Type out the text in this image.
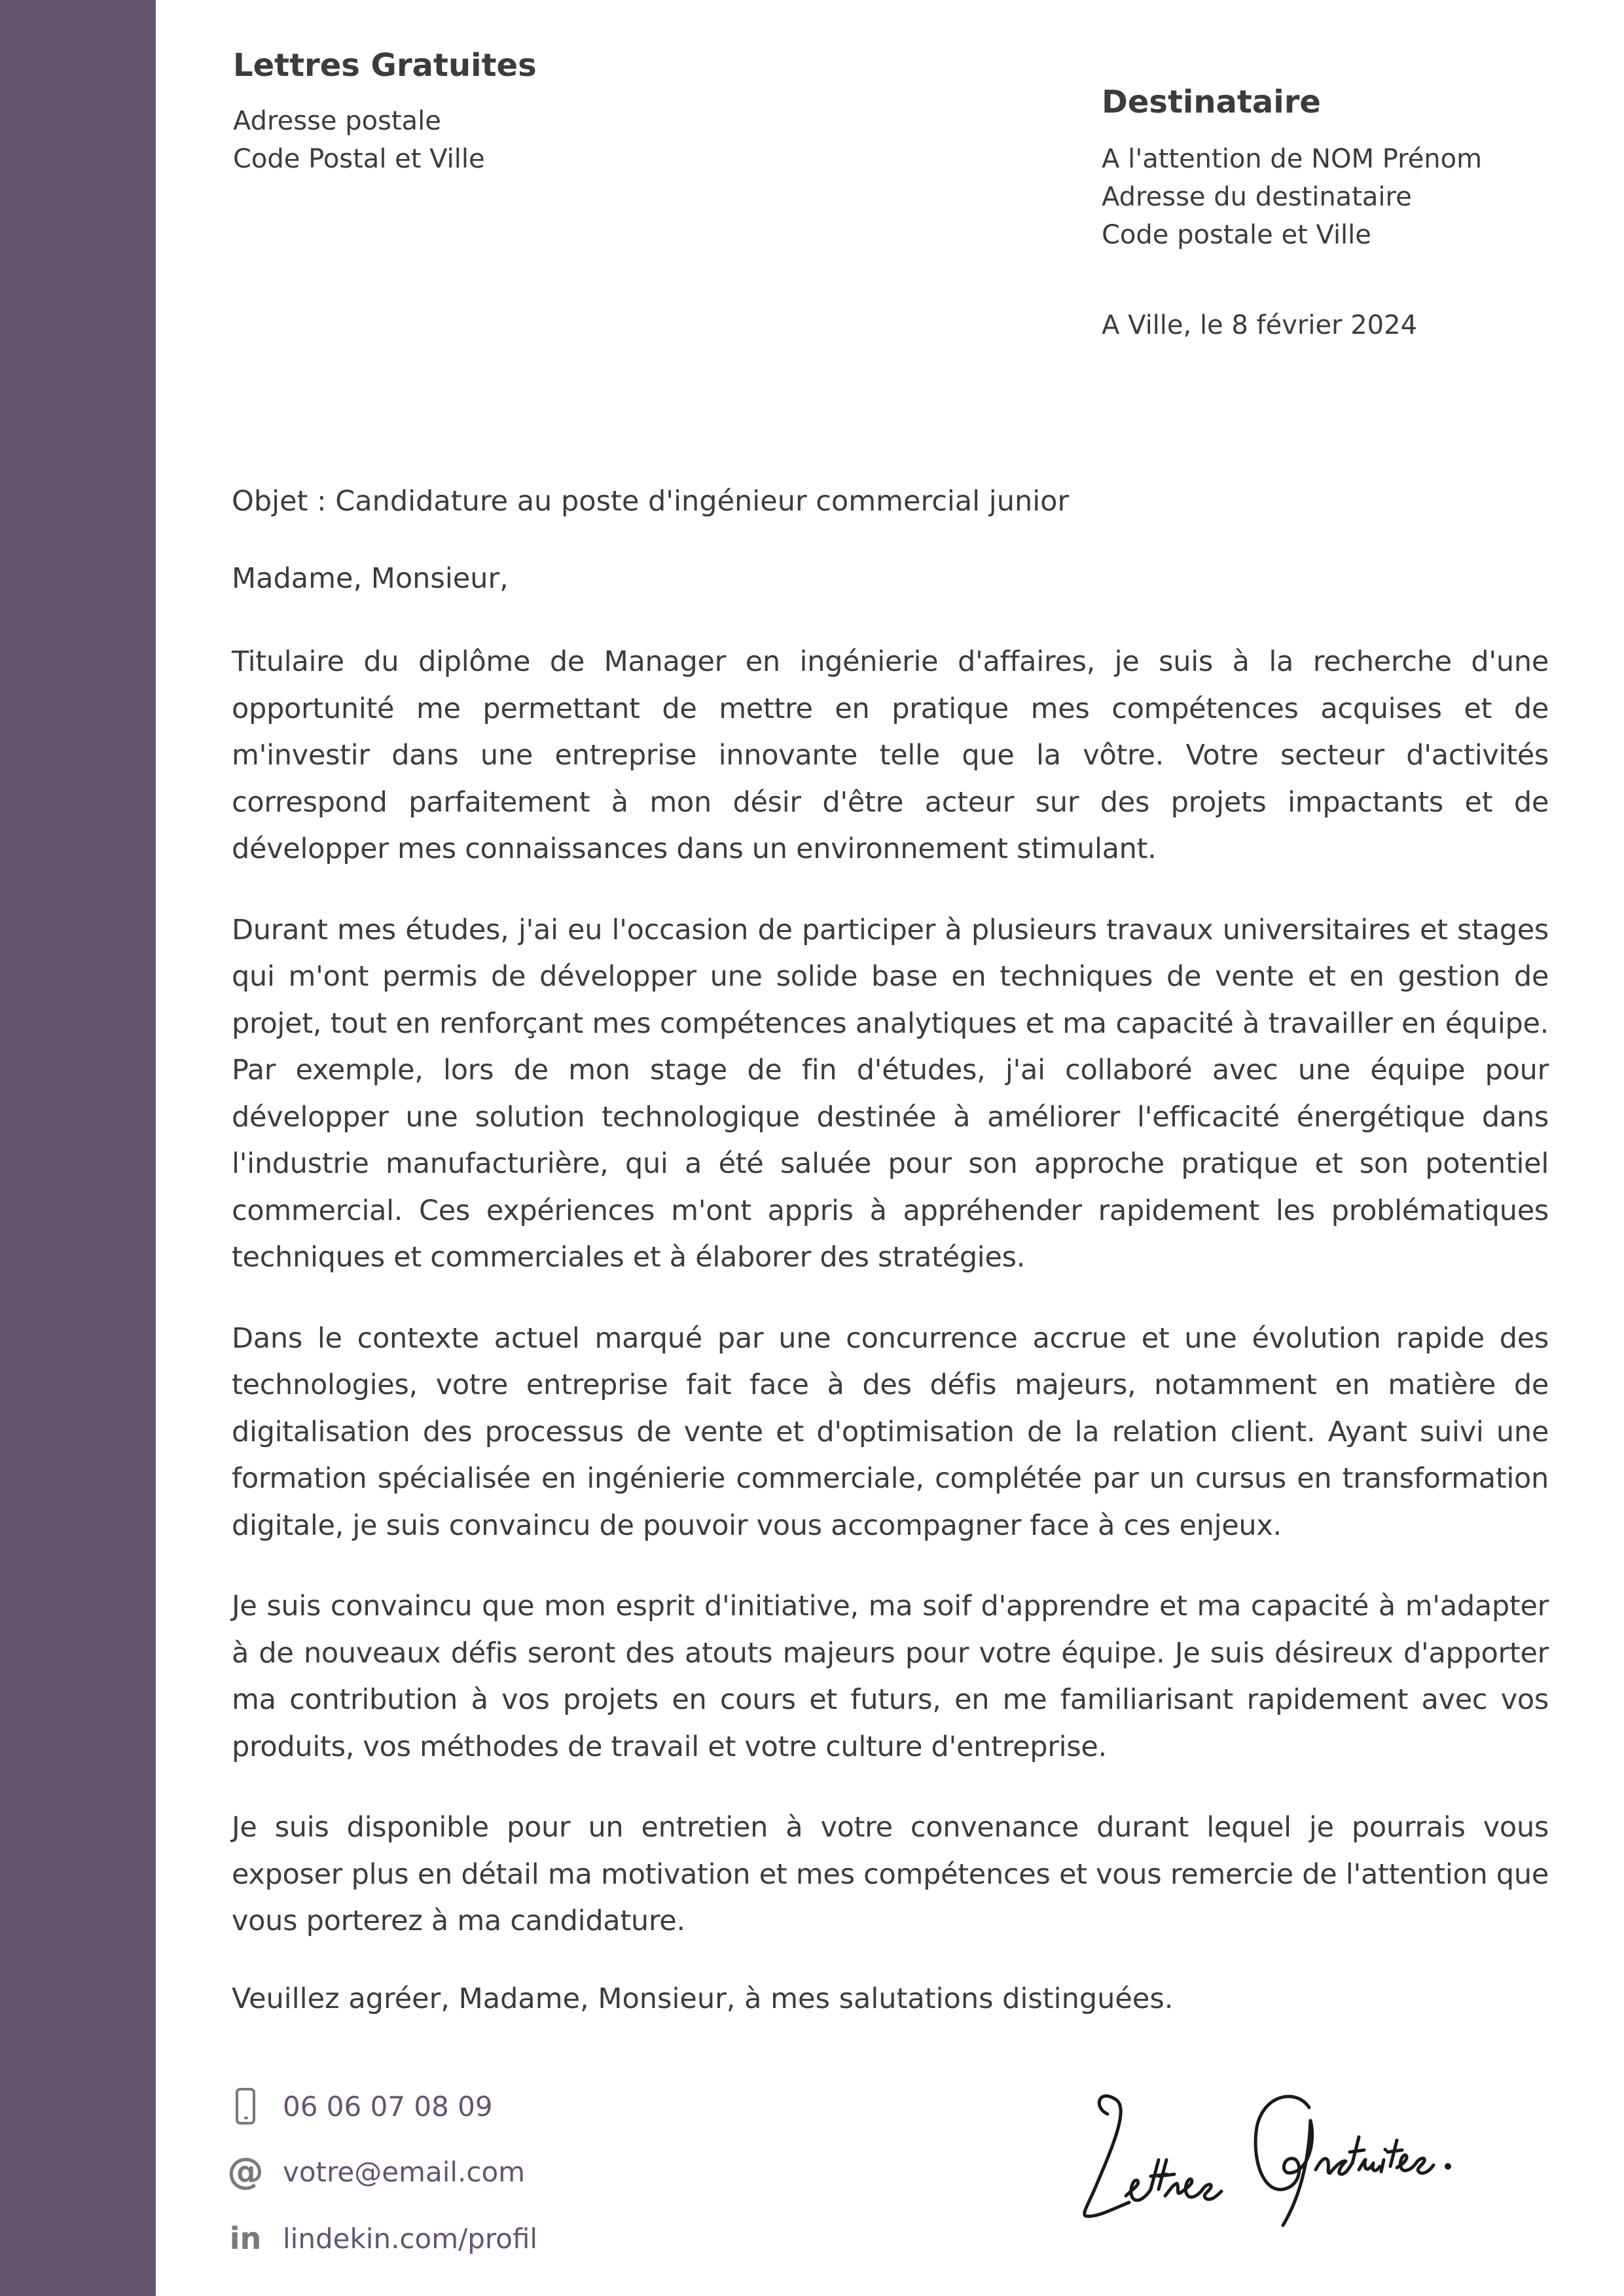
Lettres Gratuites

Adresse postale

Code Postal et Ville

Destinataire

A l'attention de NOM Prénom

Adresse du destinataire

Code postale et Ville

A Ville, le 8 février 2024

Objet : Candidature au poste d'ingénieur commercial junior

Madame, Monsieur,

Titulaire du diplôme de Manager en ingénierie d'affaires, je suis à la recherche d'une opportunité me permettant de mettre en pratique mes compétences acquises et de m'investir dans une entreprise innovante telle que la vôtre. Votre secteur d'activités correspond parfaitement à mon désir d'être acteur sur des projets impactants et de développer mes connaissances dans un environnement stimulant.

Durant mes études, j'ai eu l'occasion de participer à plusieurs travaux universitaires et stages qui m'ont permis de développer une solide base en techniques de vente et en gestion de projet, tout en renforçant mes compétences analytiques et ma capacité à travailler en équipe. Par exemple, lors de mon stage de fin d'études, j'ai collaboré avec une équipe pour développer une solution technologique destinée à améliorer l'efficacité énergétique dans l'industrie manufacturière, qui a été saluée pour son approche pratique et son potentiel commercial. Ces expériences m'ont appris à appréhender rapidement les problématiques techniques et commerciales et à élaborer des stratégies.

Dans le contexte actuel marqué par une concurrence accrue et une évolution rapide des technologies, votre entreprise fait face à des défis majeurs, notamment en matière de digitalisation des processus de vente et d'optimisation de la relation client. Ayant suivi une formation spécialisée en ingénierie commerciale, complétée par un cursus en transformation digitale, je suis convaincu de pouvoir vous accompagner face à ces enjeux.

Je suis convaincu que mon esprit d'initiative, ma soif d'apprendre et ma capacité à m'adapter à de nouveaux défis seront des atouts majeurs pour votre équipe. Je suis désireux d'apporter ma contribution à vos projets en cours et futurs, en me familiarisant rapidement avec vos produits, vos méthodes de travail et votre culture d'entreprise.

Je suis disponible pour un entretien à votre convenance durant lequel je pourrais vous exposer plus en détail ma motivation et mes compétences et vous remercie de l'attention que vous porterez à ma candidature.

Veuillez agréer, Madame, Monsieur, à mes salutations distinguées.

06 06 07 08 09
@ votre@email.com
in lindekin.com/profil
